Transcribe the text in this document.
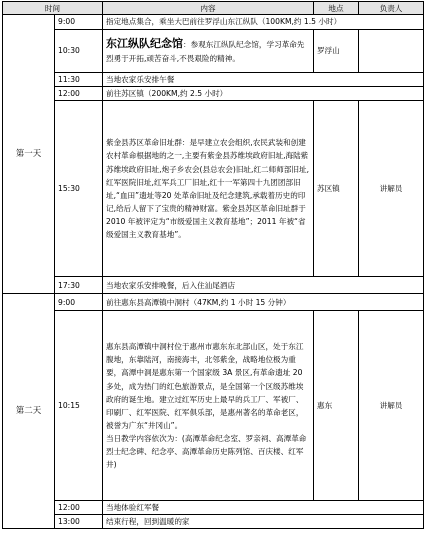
时间		内容	地点	负责人
第一天	9:00	指定地点集合，乘坐大巴前往罗浮山东江纵队（100KM,约 1.5 小时）		
	10:30	东江纵队纪念馆：参观东江纵队纪念馆，学习革命先烈勇于开拓,顽苦奋斗,不畏艰险的精神。	罗浮山	
	11:30	当地农家乐安排午餐		
	12:00	前往苏区镇（200KM,约 2.5 小时）		
	15:30	紫金县苏区革命旧址群：是早建立农会组织,农民武装和创建农村革命根据地的之一,主要有紫金县苏维埃政府旧址,海陆紫苏维埃政府旧址,炮子乡农会(县总农会)旧址,红二师师部旧址,红军医院旧址,红军兵工厂旧址,红十一军第四十九团团部旧址,“血田”遗址等20 处革命旧址及纪念建筑,承载着历史的印记,给后人留下了宝贵的精神财富。紫金县苏区革命旧址群于 2010 年被评定为“市级爱国主义教育基地”；2011 年被“省级爱国主义教育基地”。	苏区镇	讲解员
	17:30	当地农家乐安排晚餐，后入住汕尾酒店		
第二天	9:00	前往惠东县高潭镇中洞村（47KM,约 1 小时 15 分钟）		
	10:15	惠东县高潭镇中洞村位于惠州市惠东东北部山区，处于东江腹地，东靠陆河，南接海丰，北邻紫金，战略地位极为重要，高潭中洞是惠东第一个国家级 3A 景区,有革命遗址 20 多处，成为热门的红色旅游景点，是全国第一个区级苏维埃政府的诞生地。建立过红军历史上最早的兵工厂、军被厂、印刷厂、红军医院、红军俱乐部，是惠州著名的革命老区，被誉为广东“井冈山”。
当日教学内容依次为：(高潭革命纪念室、罗亲祠、高潭革命烈士纪念碑、纪念亭、高潭革命历史陈列馆、百庆楼、红军井)	惠东	讲解员
	12:00	当地体验红军餐		
	13:00	结束行程，回到温暖的家		
